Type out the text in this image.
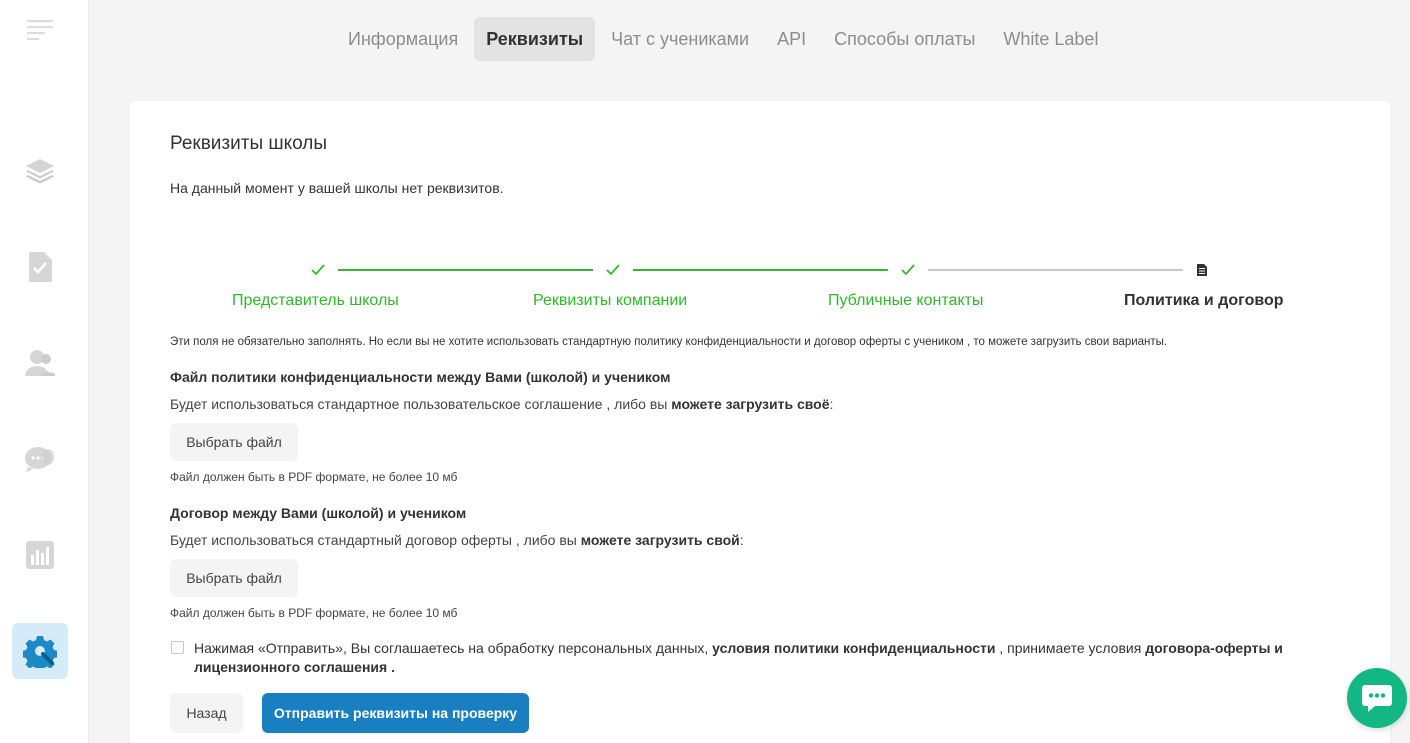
Информация	Реквизиты	Чат с учениками	API	Способы оплаты	White Label
Реквизиты школы
На данный момент у вашей школы нет реквизитов.
Представитель школы	Реквизиты компании	Публичные контакты	Политика и договор
Эти поля не обязательно заполнять. Но если вы не хотите использовать стандартную политику конфиденциальности и договор оферты с учеником , то можете загрузить свои варианты.
Файл политики конфиденциальности между Вами (школой) и учеником
Будет использоваться стандартное пользовательское соглашение , либо вы можете загрузить своё:
Выбрать файл
Файл должен быть в PDF формате, не более 10 мб
Договор между Вами (школой) и учеником
Будет использоваться стандартный договор оферты , либо вы можете загрузить свой:
Выбрать файл
Файл должен быть в PDF формате, не более 10 мб
Нажимая «Отправить», Вы соглашаетесь на обработку персональных данных, условия политики конфиденциальности , принимаете условия договора-оферты и лицензионного соглашения .
Назад	Отправить реквизиты на проверку
